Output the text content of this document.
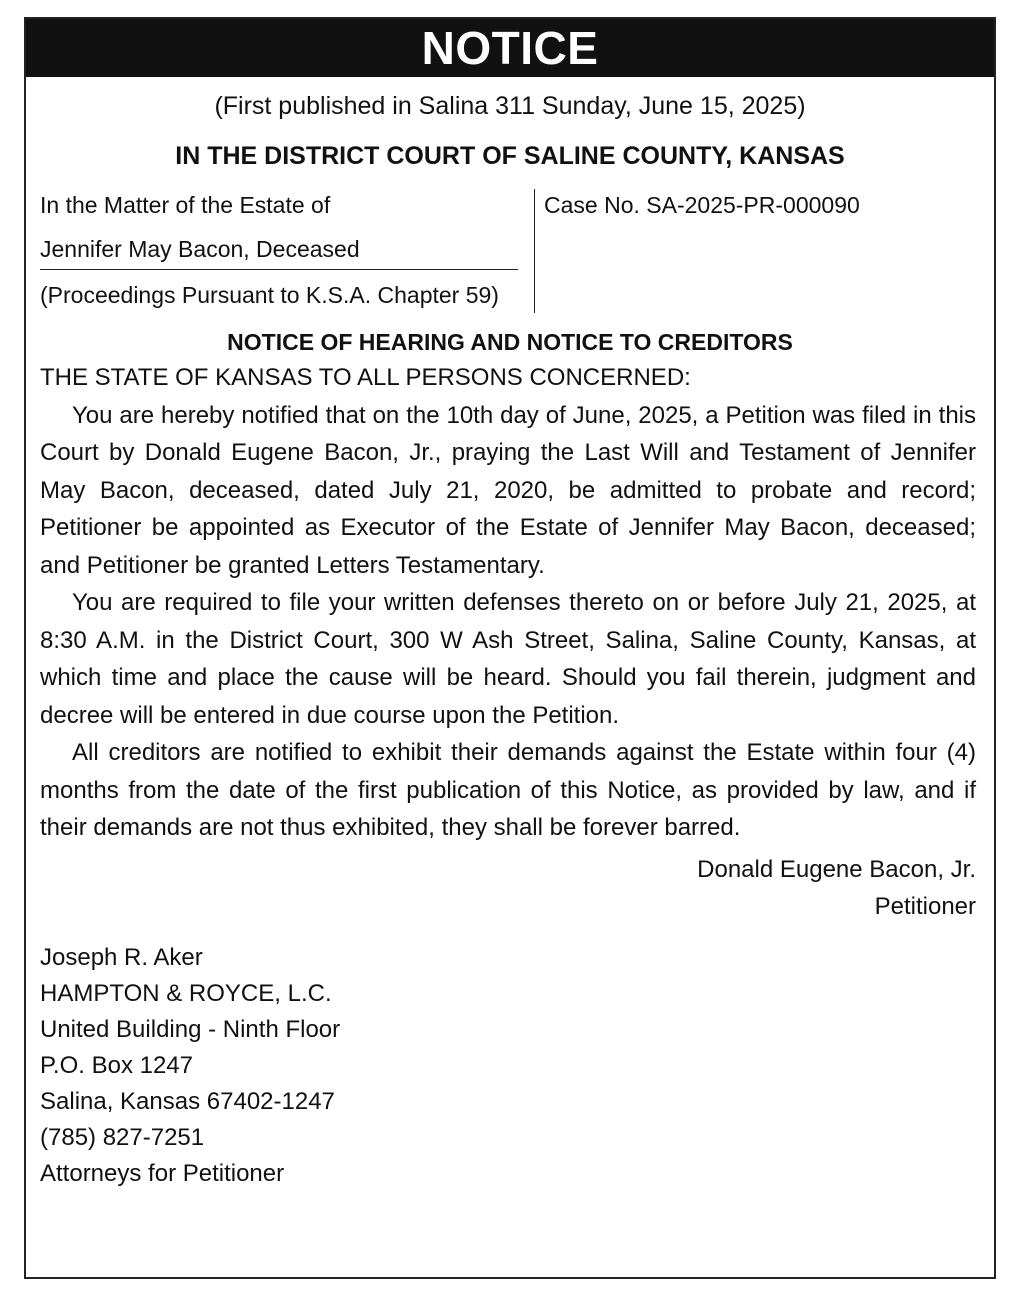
NOTICE
(First published in Salina 311 Sunday, June 15, 2025)
IN THE DISTRICT COURT OF SALINE COUNTY, KANSAS
In the Matter of the Estate of
Jennifer May Bacon, Deceased
(Proceedings Pursuant to K.S.A. Chapter 59)
Case No. SA-2025-PR-000090
NOTICE OF HEARING AND NOTICE TO CREDITORS

THE STATE OF KANSAS TO ALL PERSONS CONCERNED:

You are hereby notified that on the 10th day of June, 2025, a Petition was filed in this Court by Donald Eugene Bacon, Jr., praying the Last Will and Testament of Jennifer May Bacon, deceased, dated July 21, 2020, be admitted to probate and record; Petitioner be appointed as Executor of the Estate of Jennifer May Bacon, deceased; and Petitioner be granted Letters Testamentary.

You are required to file your written defenses thereto on or before July 21, 2025, at 8:30 A.M. in the District Court, 300 W Ash Street, Salina, Saline County, Kansas, at which time and place the cause will be heard. Should you fail therein, judgment and decree will be entered in due course upon the Petition.

All creditors are notified to exhibit their demands against the Estate within four (4) months from the date of the first publication of this Notice, as provided by law, and if their demands are not thus exhibited, they shall be forever barred.

Donald Eugene Bacon, Jr.
Petitioner
Joseph R. Aker
HAMPTON & ROYCE, L.C.
United Building - Ninth Floor
P.O. Box 1247
Salina, Kansas 67402-1247
(785) 827-7251
Attorneys for Petitioner
